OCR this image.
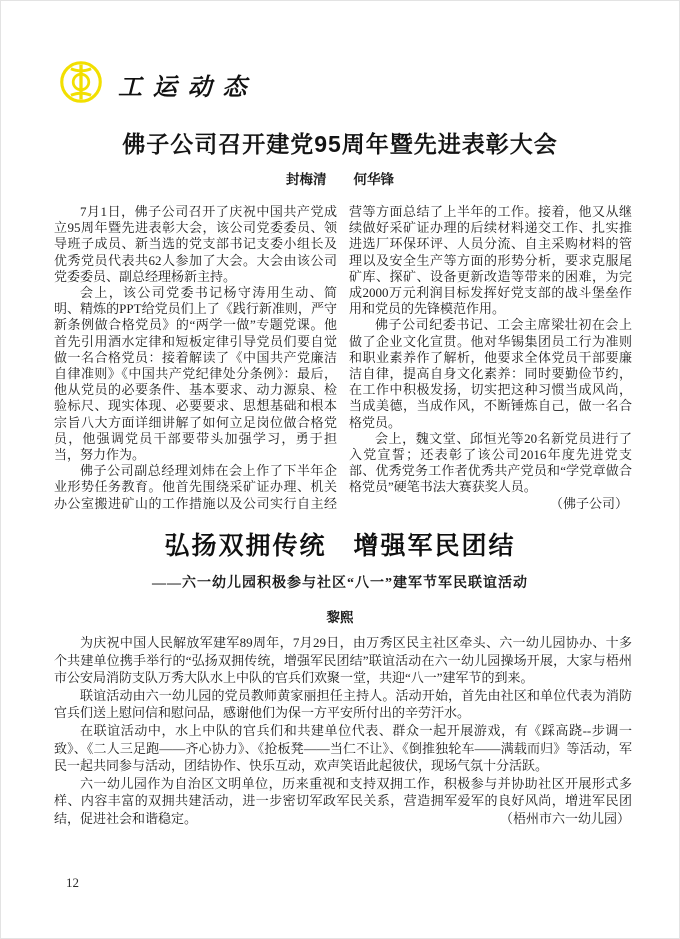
工运动态
佛子公司召开建党95周年暨先进表彰大会
封梅清　　何华锋

7月1日，佛子公司召开了庆祝中国共产党成立95周年暨先进表彰大会，该公司党委委员、领导班子成员、新当选的党支部书记支委小组长及优秀党员代表共62人参加了大会。大会由该公司党委委员、副总经理杨新主持。

会上，该公司党委书记杨守涛用生动、简明、精炼的PPT给党员们上了《践行新准则，严守新条例做合格党员》的“两学一做”专题党课。他首先引用酒水定律和短板定律引导党员们要自觉做一名合格党员：接着解读了《中国共产党廉洁自律准则》《中国共产党纪律处分条例》：最后，他从党员的必要条件、基本要求、动力源泉、检验标尺、现实体现、必要要求、思想基础和根本宗旨八大方面详细讲解了如何立足岗位做合格党员，他强调党员干部要带头加强学习，勇于担当，努力作为。

佛子公司副总经理刘炜在会上作了下半年企业形势任务教育。他首先围绕采矿证办理、机关办公室搬进矿山的工作措施以及公司实行自主经营等方面总结了上半年的工作。接着，他又从继续做好采矿证办理的后续材料递交工作、扎实推进选厂环保环评、人员分流、自主采购材料的管理以及安全生产等方面的形势分析，要求克服尾矿库、探矿、设备更新改造等带来的困难，为完成2000万元利润目标发挥好党支部的战斗堡垒作用和党员的先锋模范作用。

佛子公司纪委书记、工会主席梁壮初在会上做了企业文化宣贯。他对华锡集团员工行为准则和职业素养作了解析，他要求全体党员干部要廉洁自律，提高自身文化素养：同时要勤俭节约，在工作中积极发扬，切实把这种习惯当成风尚，当成美德，当成作风，不断锤炼自己，做一名合格党员。

会上，魏文堂、邱恒光等20名新党员进行了入党宣誓；还表彰了该公司2016年度先进党支部、优秀党务工作者优秀共产党员和“学党章做合格党员”硬笔书法大赛获奖人员。

（佛子公司）

弘扬双拥传统　增强军民团结
——六一幼儿园积极参与社区“八一”建军节军民联谊活动
黎熙

为庆祝中国人民解放军建军89周年，7月29日，由万秀区民主社区牵头、六一幼儿园协办、十多个共建单位携手举行的“弘扬双拥传统，增强军民团结”联谊活动在六一幼儿园操场开展，大家与梧州市公安局消防支队万秀大队水上中队的官兵们欢聚一堂，共迎“八一”建军节的到来。

联谊活动由六一幼儿园的党员教师黄家丽担任主持人。活动开始，首先由社区和单位代表为消防官兵们送上慰问信和慰问品，感谢他们为保一方平安所付出的辛劳汗水。

在联谊活动中，水上中队的官兵们和共建单位代表、群众一起开展游戏，有《踩高跷--步调一致》、《二人三足跑——齐心协力》、《抢板凳——当仁不让》、《倒推独轮车——满载而归》等活动，军民一起共同参与活动，团结协作、快乐互动，欢声笑语此起彼伏，现场气氛十分活跃。

六一幼儿园作为自治区文明单位，历来重视和支持双拥工作，积极参与并协助社区开展形式多样、内容丰富的双拥共建活动，进一步密切军政军民关系，营造拥军爱军的良好风尚，增进军民团结，促进社会和谐稳定。	（梧州市六一幼儿园）
12
